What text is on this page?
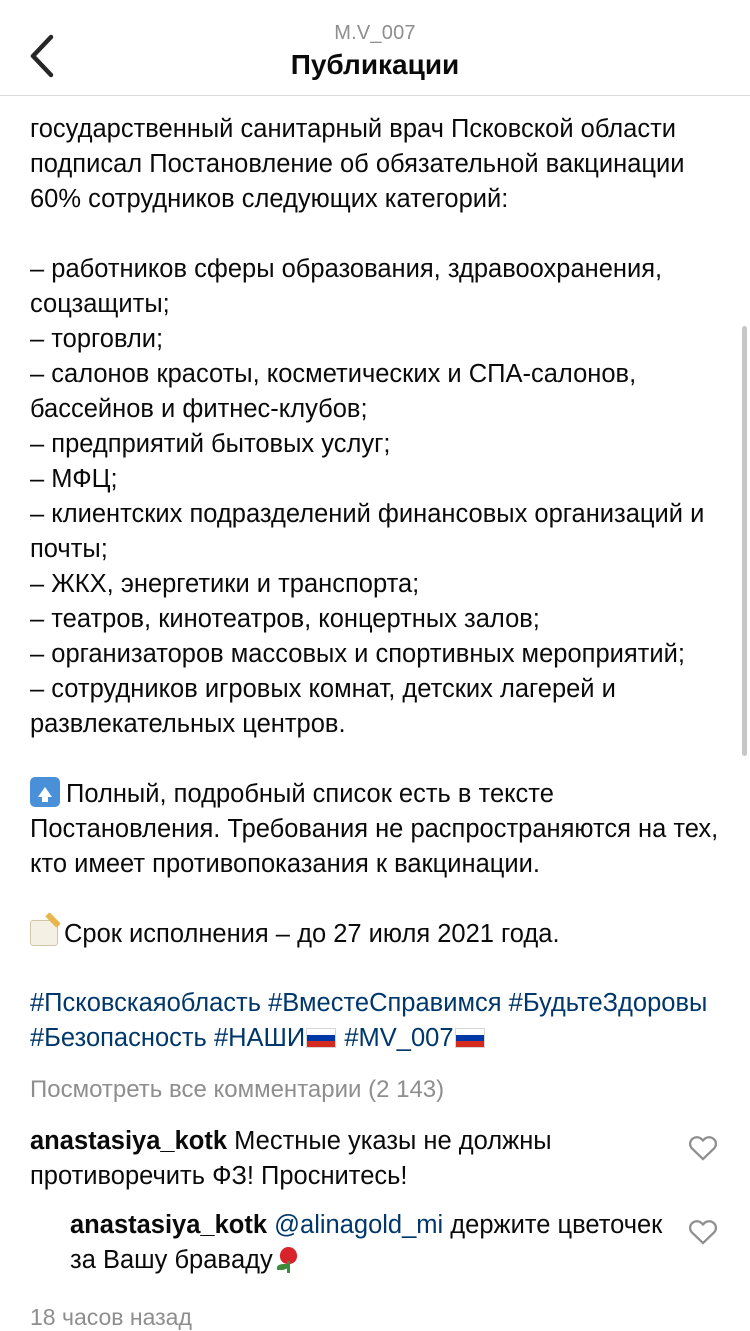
M.V_007
Публикации

государственный санитарный врач Псковской области подписал Постановление об обязательной вакцинации 60% сотрудников следующих категорий:

– работников сферы образования, здравоохранения, соцзащиты;

– торговли;

– салонов красоты, косметических и СПА-салонов, бассейнов и фитнес-клубов;

– предприятий бытовых услуг;

– МФЦ;

– клиентских подразделений финансовых организаций и почты;

– ЖКХ, энергетики и транспорта;

– театров, кинотеатров, концертных залов;

– организаторов массовых и спортивных мероприятий;

– сотрудников игровых комнат, детских лагерей и развлекательных центров.

Полный, подробный список есть в тексте Постановления. Требования не распространяются на тех, кто имеет противопоказания к вакцинации.

Срок исполнения – до 27 июля 2021 года.

#Псковскаяобласть #ВместеСправимся #БудьтеЗдоровы
#Безопасность #НАШИ #MV_007
Посмотреть все комментарии (2 143)
anastasiya_kotk Местные указы не должны противоречить ФЗ! Проснитесь!
anastasiya_kotk @alinagold_mi держите цветочек за Вашу бравaду
18 часов назад
